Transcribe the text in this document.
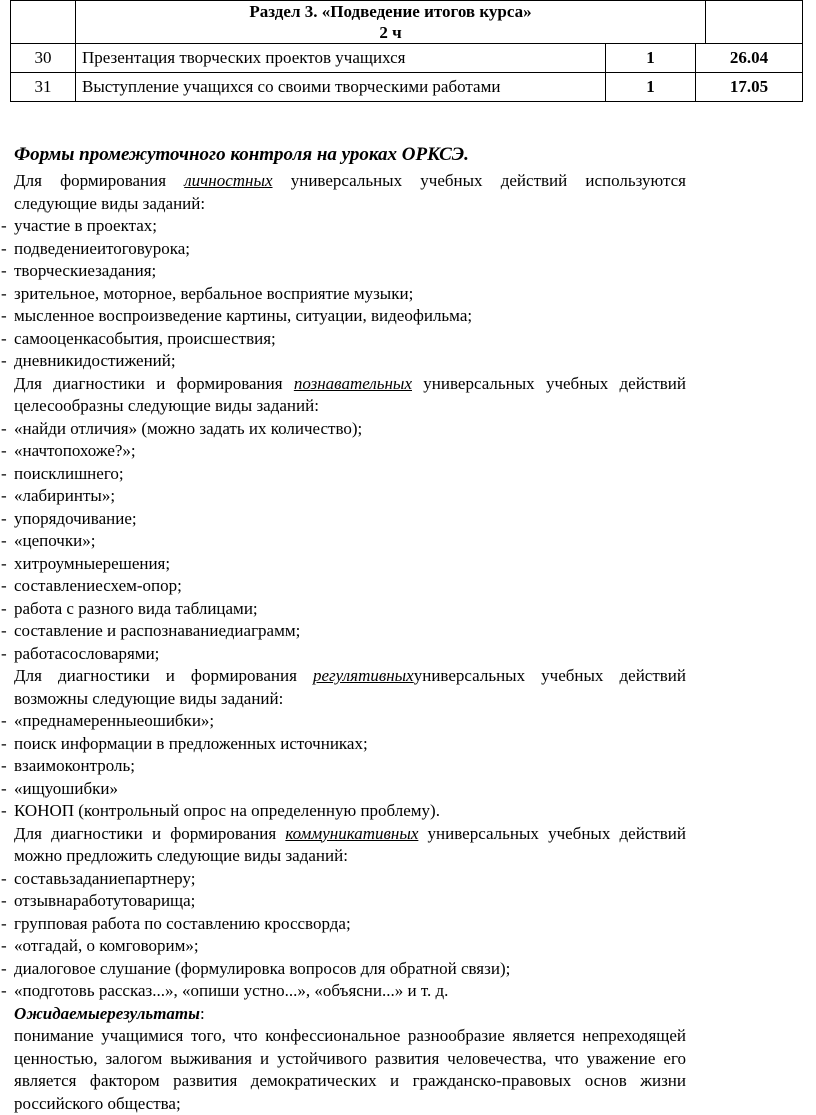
	Раздел 3. «Подведение итогов курса»
2 ч			

30	Презентация творческих проектов учащихся	1	26.04	
31	Выступление учащихся со своими творческими работами	1	17.05	
Формы промежуточного контроля на уроках ОРКСЭ.
Для формирования личностных универсальных учебных действий используются следующие виды заданий:
- участие в проектах;
- подведениеитоговурока;
- творческиезадания;
- зрительное, моторное, вербальное восприятие музыки;
- мысленное воспроизведение картины, ситуации, видеофильма;
- самооценкасобытия, происшествия;
- дневникидостижений;
Для диагностики и формирования познавательных универсальных учебных действий целесообразны следующие виды заданий:
- «найди отличия» (можно задать их количество);
- «начтопохоже?»;
- поисклишнего;
- «лабиринты»;
- упорядочивание;
- «цепочки»;
- хитроумныерешения;
- составлениесхем-опор;
- работа с разного вида таблицами;
- составление и распознаваниедиаграмм;
- работасословарями;
Для диагностики и формирования регулятивныхуниверсальных учебных действий возможны следующие виды заданий:
- «преднамеренныеошибки»;
- поиск информации в предложенных источниках;
- взаимоконтроль;
- «ищуошибки»
- КОНОП (контрольный опрос на определенную проблему).
Для диагностики и формирования коммуникативных универсальных учебных действий можно предложить следующие виды заданий:
- составьзаданиепартнеру;
- отзывнаработутоварища;
- групповая работа по составлению кроссворда;
- «отгадай, о комговорим»;
- диалоговое слушание (формулировка вопросов для обратной связи);
- «подготовь рассказ...», «опиши устно...», «объясни...» и т. д.
Ожидаемыерезультаты:
понимание учащимися того, что конфессиональное разнообразие является непреходящей ценностью, залогом выживания и устойчивого развития человечества, что уважение его является фактором развития демократических и гражданско-правовых основ жизни российского общества;
